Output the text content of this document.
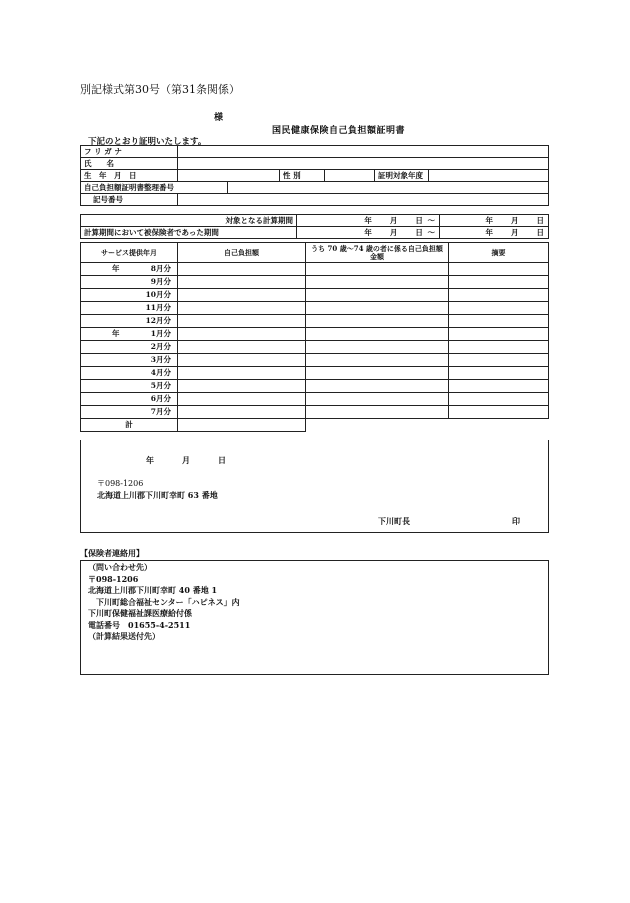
別記様式第30号（第31条関係）
様
国民健康保険自己負担額証明書
下記のとおり証明いたします。
フ リ ガ ナ						
氏　　名						
生　年　月　日			性 別		証明対象年度	
自己負担額証明書整理番号						
記号番号						
対象となる計算期間	年　　月　　日 〜	年　　月　　日
計算期間において被保険者であった期間	年　　月　　日 〜	年　　月　　日
サービス提供年月	自己負担額	うち 70 歳〜74 歳の者に係る自己負担額金額	摘要

年 8月分			
9月分			
10月分			
11月分			
12月分			

年 1月分			
2月分			
3月分			
4月分			
5月分			
6月分			
7月分			
計			
年	月	日
〒098-1206
北海道上川郡下川町幸町 63 番地
下川町長	印
【保険者連絡用】
（問い合わせ先）
〒098-1206
北海道上川郡下川町幸町 40 番地 1
　下川町総合福祉センター「ハピネス」内
下川町保健福祉課医療給付係
電話番号　01655-4-2511
（計算結果送付先）
